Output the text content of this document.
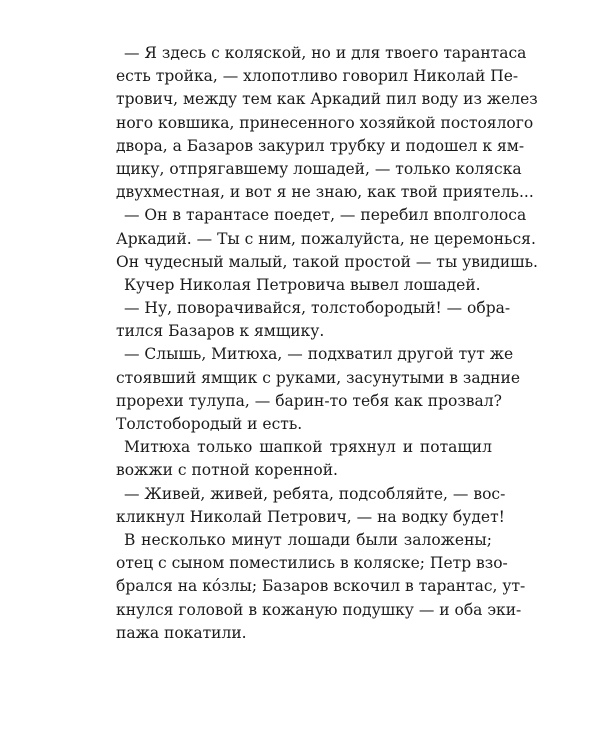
— Я здесь с коляской, но и для твоего тарантаса
есть тройка, — хлопотливо говорил Николай Пе-
трович, между тем как Аркадий пил воду из желез
ного ковшика, принесенного хозяйкой постоялого
двора, а Базаров закурил трубку и подошел к ям-
щику, отпрягавшему лошадей, — только коляска
двухместная, и вот я не знаю, как твой приятель...
— Он в тарантасе поедет, — перебил вполголоса
Аркадий. — Ты с ним, пожалуйста, не церемонься.
Он чудесный малый, такой простой — ты увидишь.
Кучер Николая Петровича вывел лошадей.
— Ну, поворачивайся, толстобородый! — обра-
тился Базаров к ямщику.
— Слышь, Митюха, — подхватил другой тут же
стоявший ямщик с руками, засунутыми в задние
прорехи тулупа, — барин-то тебя как прозвал?
Толстобородый и есть.
Митюха только шапкой тряхнул и потащил
вожжи с потной коренной.
— Живей, живей, ребята, подсобляйте, — вос-
кликнул Николай Петрович, — на водку будет!
В несколько минут лошади были заложены;
отец с сыном поместились в коляске; Петр взо-
брался на ко́злы; Базаров вскочил в тарантас, ут-
кнулся головой в кожаную подушку — и оба эки-
пажа покатили.
